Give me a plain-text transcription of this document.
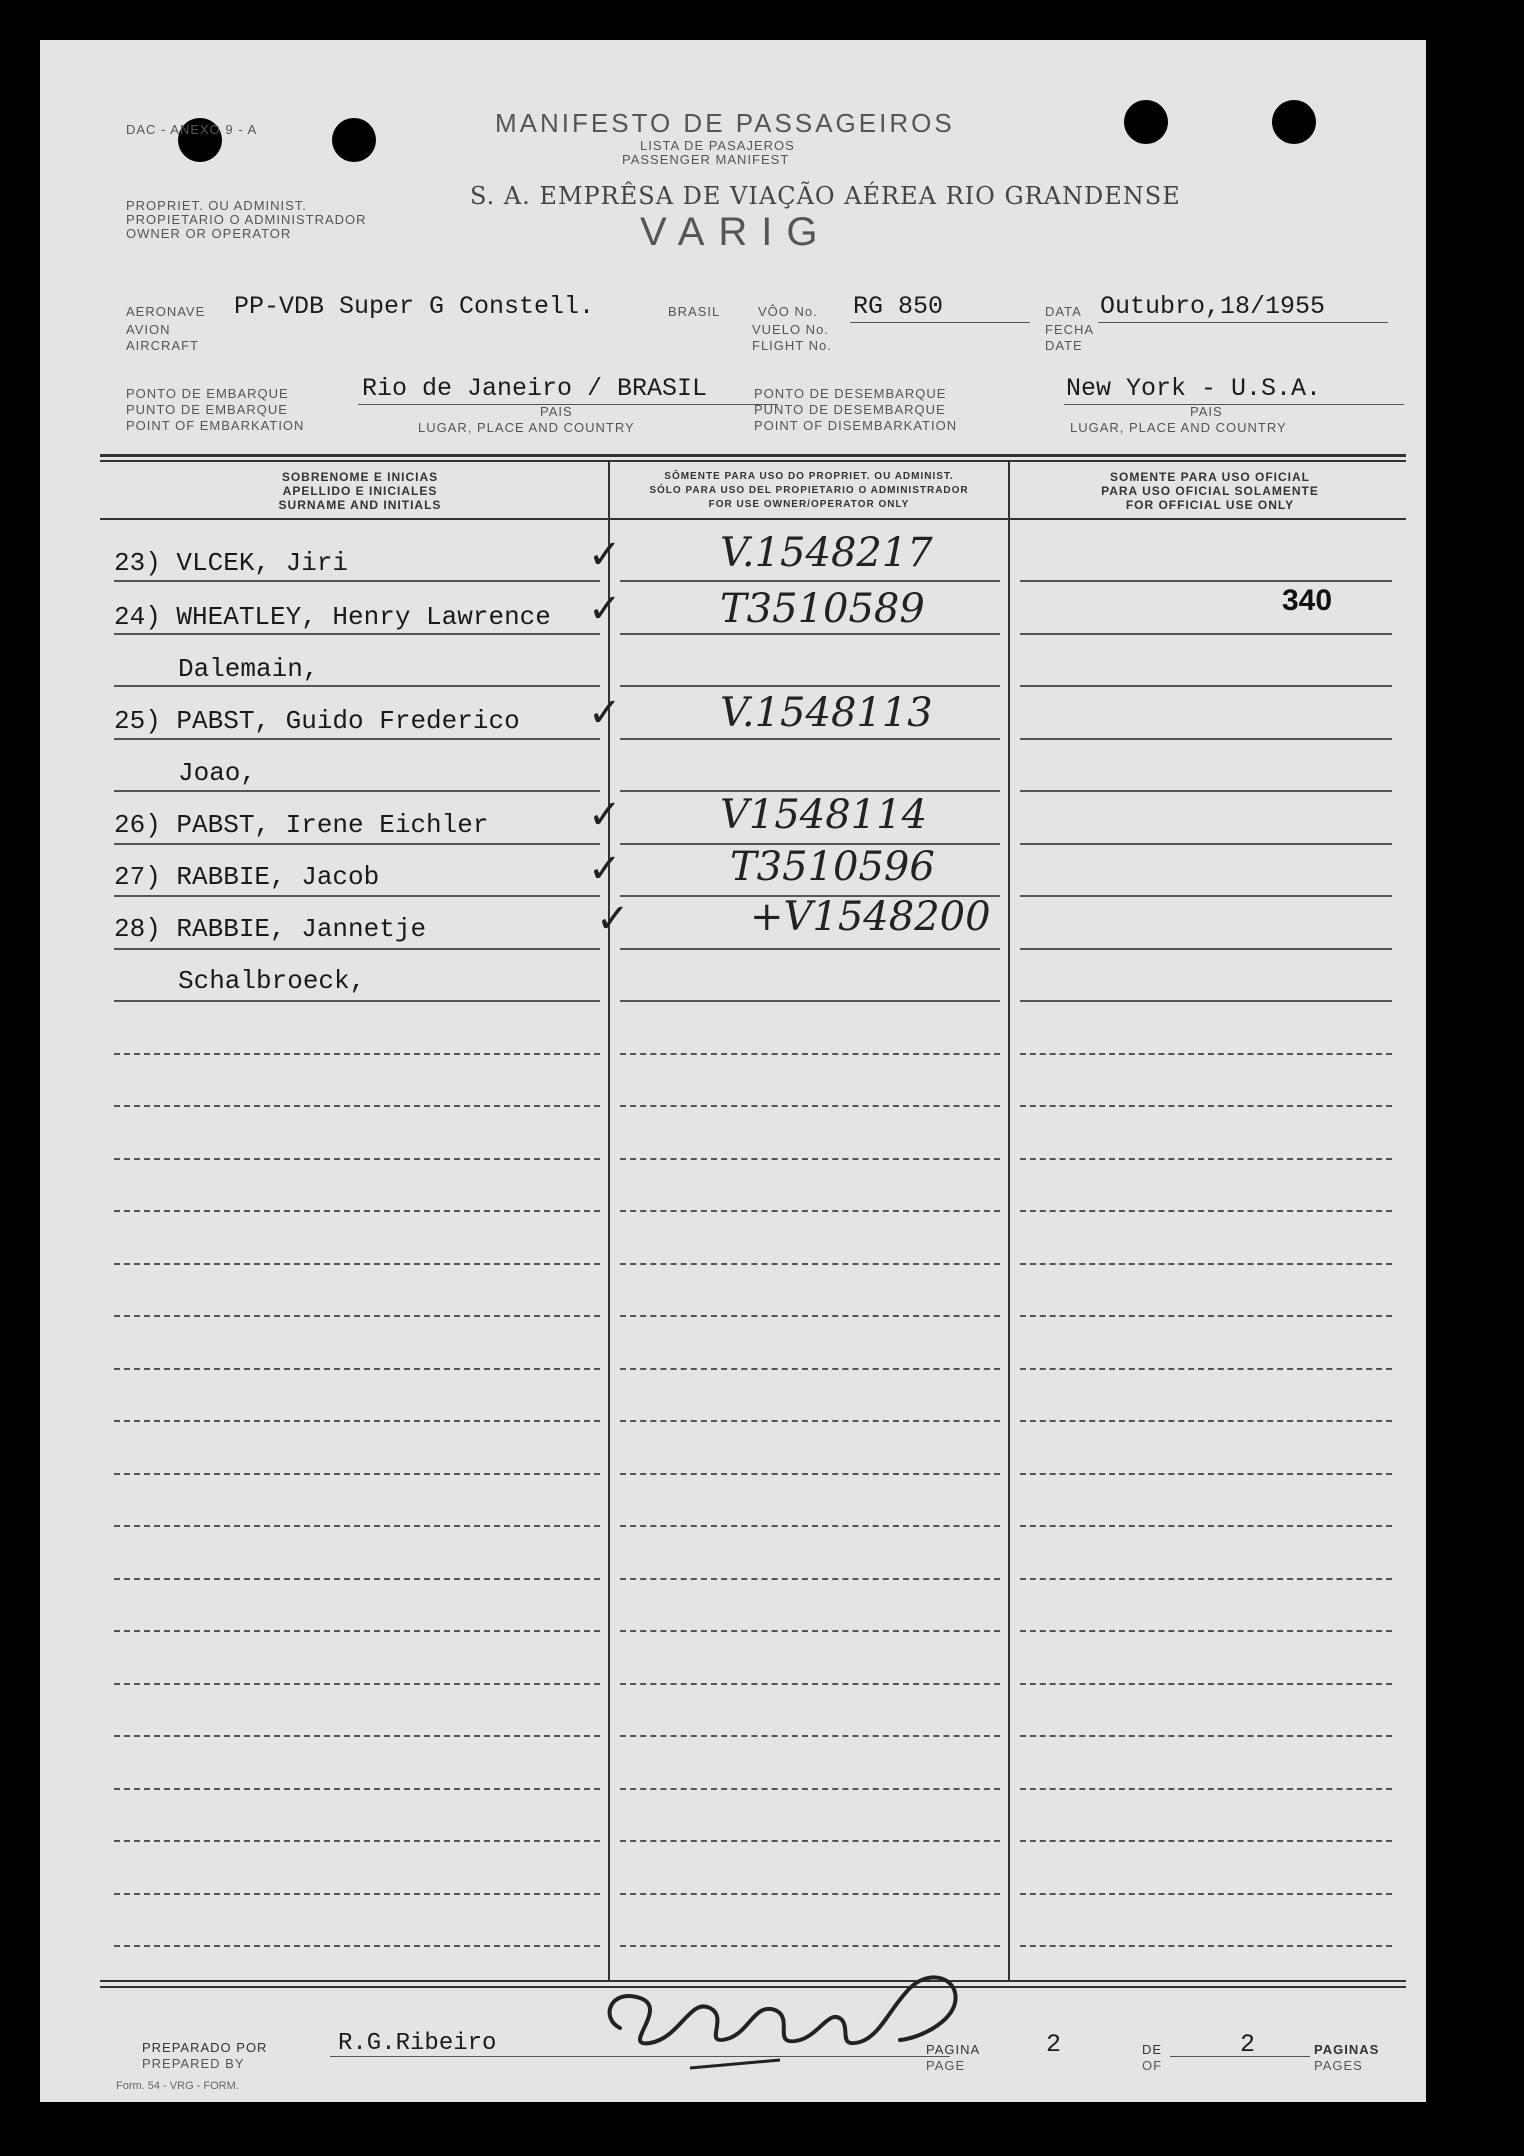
DAC - ANEXO 9 - A	MANIFESTO DE PASSAGEIROS
LISTA DE PASAJEROS
PASSENGER MANIFEST
PROPRIET. OU ADMINIST.
PROPIETARIO O ADMINISTRADOR
OWNER OR OPERATOR
S. A. EMPRÊSA DE VIAÇÃO AÉREA RIO GRANDENSE
VARIG
AERONAVE
AVION
AIRCRAFT
PP-VDB Super G Constell.	BRASIL	VÔO No.
VUELO No.
FLIGHT No.
RG 850	DATA
FECHA
DATE
Outubro,18/1955
PONTO DE EMBARQUE
PUNTO DE EMBARQUE
POINT OF EMBARKATION
Rio de Janeiro / BRASIL
PAIS
LUGAR, PLACE AND COUNTRY
PONTO DE DESEMBARQUE
PUNTO DE DESEMBARQUE
POINT OF DISEMBARKATION
New York - U.S.A.
PAIS
LUGAR, PLACE AND COUNTRY
SOBRENOME E INICIAS
APELLIDO E INICIALES
SURNAME AND INITIALS
SÔMENTE PARA USO DO PROPRIET. OU ADMINIST.
SÓLO PARA USO DEL PROPIETARIO O ADMINISTRADOR
FOR USE OWNER/OPERATOR ONLY
SOMENTE PARA USO OFICIAL
PARA USO OFICIAL SOLAMENTE
FOR OFFICIAL USE ONLY
23) VLCEK, Jiri	✓ V.1548217
24) WHEATLEY, Henry Lawrence ✓ T3510589	340
Dalemain,
25) PABST, Guido Frederico ✓ V.1548113
Joao,
26) PABST, Irene Eichler ✓ V1548114
27) RABBIE, Jacob	✓	T3510596
28) RABBIE, Jannetje	✓	+V1548200
Schalbroeck,
PREPARADO POR
PREPARED BY
R.G.Ribeiro	PAGINA
PAGE
2	DE
OF
2	PAGINAS
PAGES
Form. 54 - VRG - FORM.
